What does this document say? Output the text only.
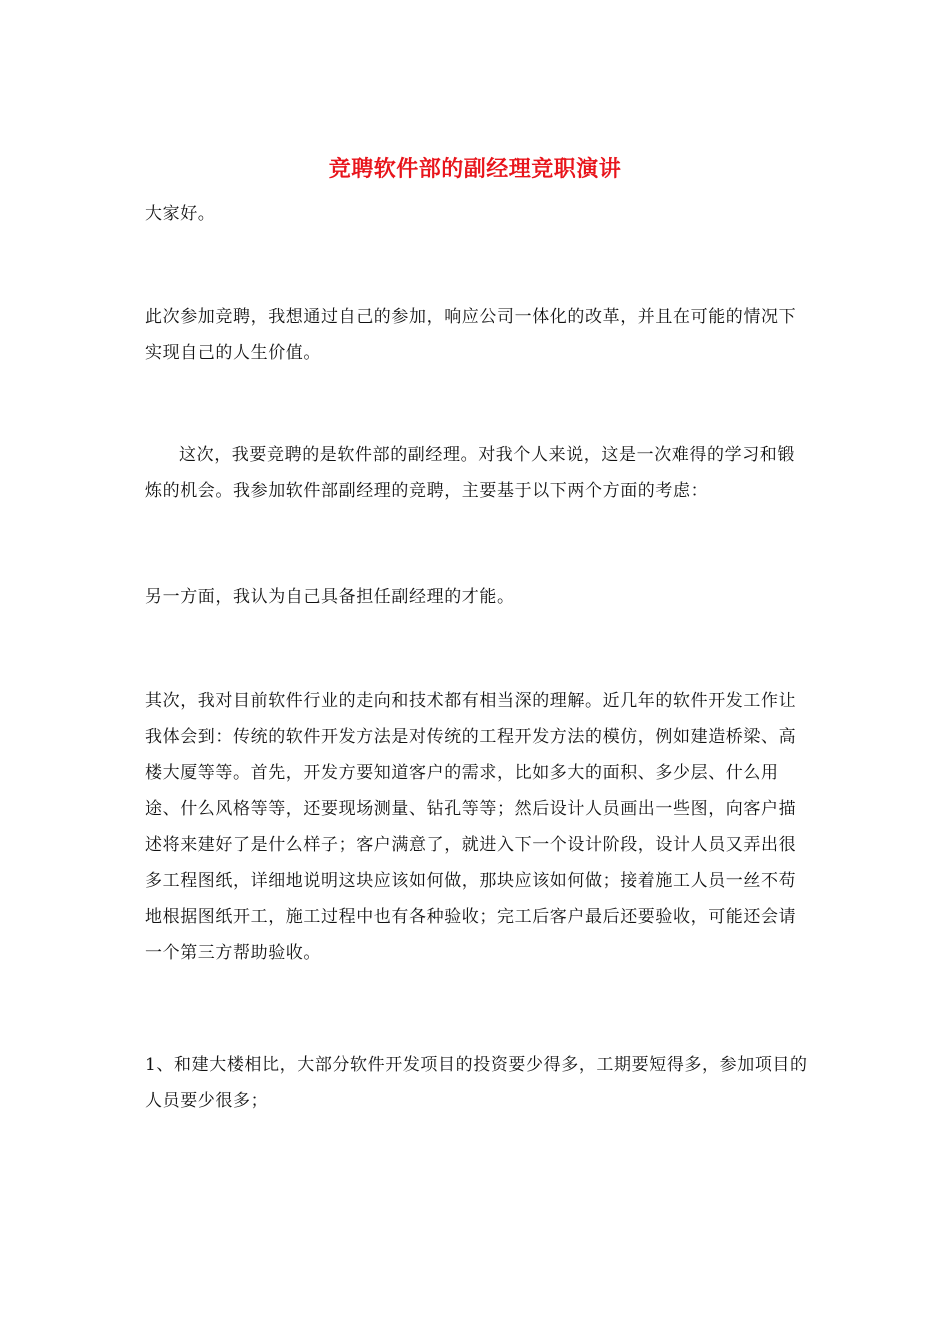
竞聘软件部的副经理竞职演讲

大家好。

此次参加竞聘，我想通过自己的参加，响应公司一体化的改革，并且在可能的情况下实现自己的人生价值。

这次，我要竞聘的是软件部的副经理。对我个人来说，这是一次难得的学习和锻炼的机会。我参加软件部副经理的竞聘，主要基于以下两个方面的考虑：

另一方面，我认为自己具备担任副经理的才能。

其次，我对目前软件行业的走向和技术都有相当深的理解。近几年的软件开发工作让我体会到：传统的软件开发方法是对传统的工程开发方法的模仿，例如建造桥梁、高楼大厦等等。首先，开发方要知道客户的需求，比如多大的面积、多少层、什么用途、什么风格等等，还要现场测量、钻孔等等；然后设计人员画出一些图，向客户描述将来建好了是什么样子；客户满意了，就进入下一个设计阶段，设计人员又弄出很多工程图纸，详细地说明这块应该如何做，那块应该如何做；接着施工人员一丝不苟地根据图纸开工，施工过程中也有各种验收；完工后客户最后还要验收，可能还会请一个第三方帮助验收。

1、和建大楼相比，大部分软件开发项目的投资要少得多，工期要短得多，参加项目的人员要少很多；
